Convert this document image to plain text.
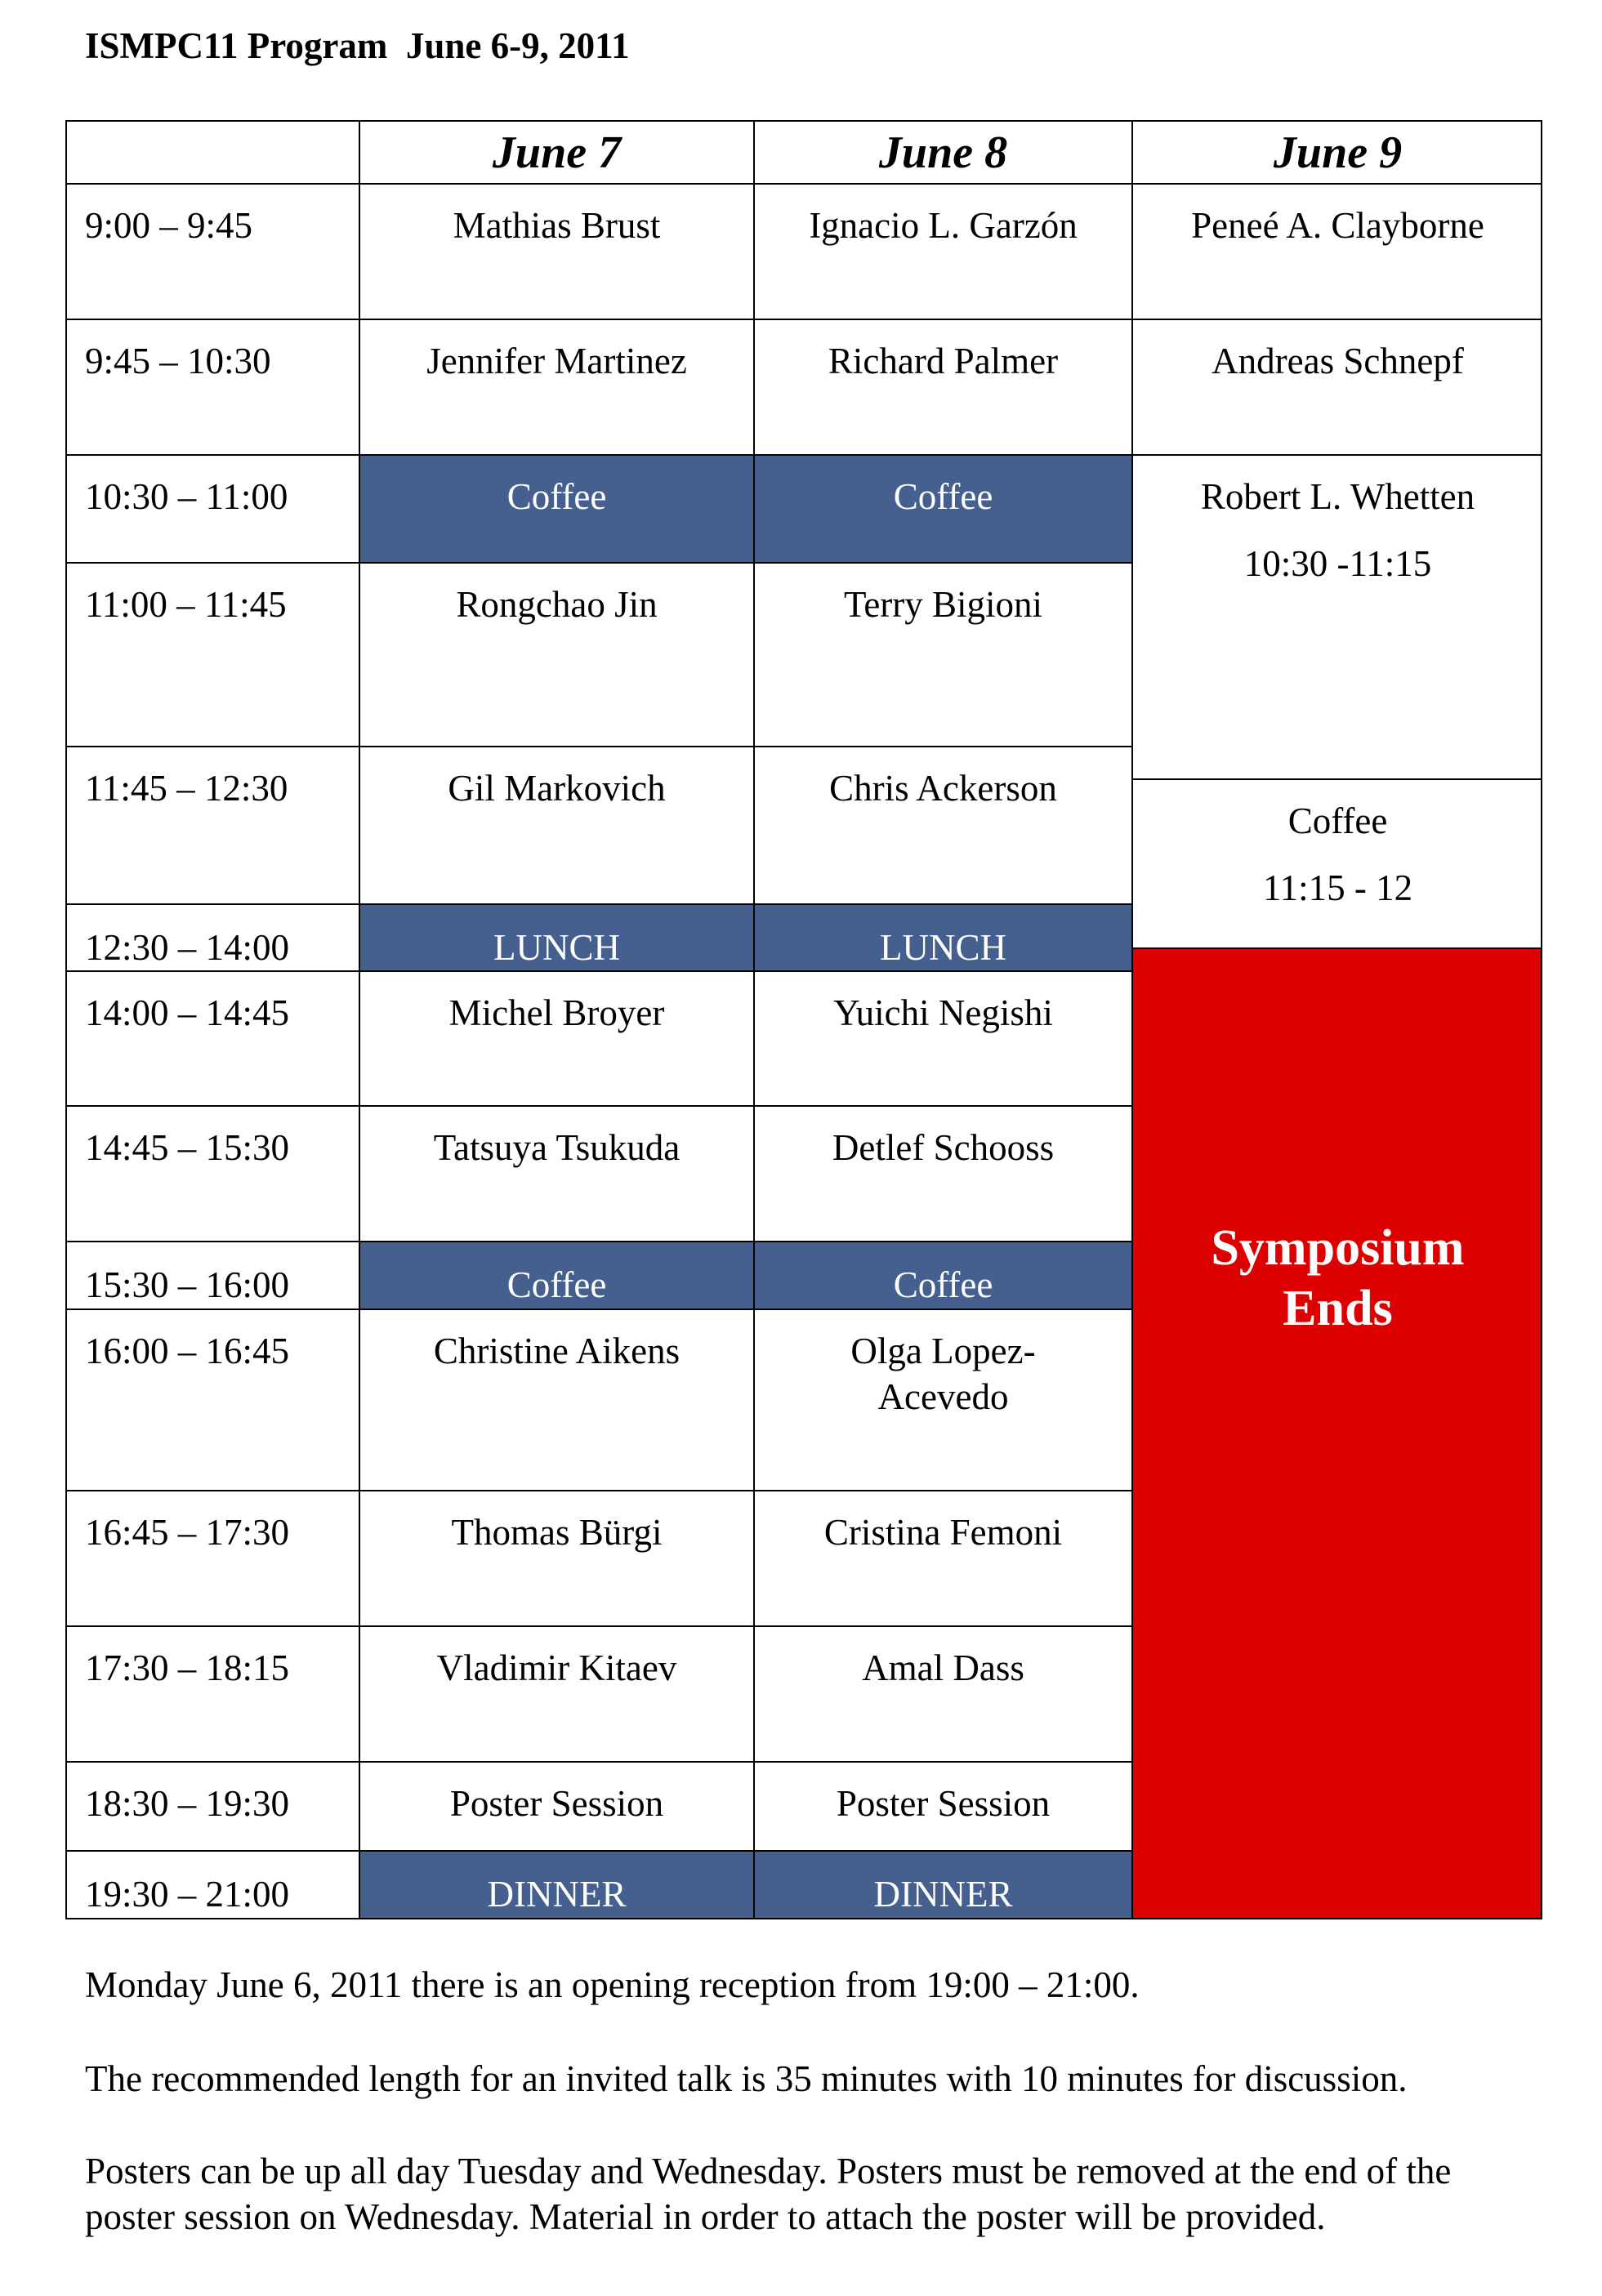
ISMPC11 Program  June 6-9, 2011
Symposium
Ends
Coffee
11:15 - 12
Robert L. Whetten
10:30 -11:15
Andreas Schnepf
Peneé A. Clayborne
DINNER
DINNER
19:30 – 21:00
Poster Session
Poster Session
18:30 – 19:30
Amal Dass
Vladimir Kitaev
17:30 – 18:15
Cristina Femoni
Thomas Bürgi
16:45 – 17:30
Olga Lopez-
Acevedo
Christine Aikens
16:00 – 16:45
Coffee
Coffee
15:30 – 16:00
Detlef Schooss
Tatsuya Tsukuda
14:45 – 15:30
Yuichi Negishi
Michel Broyer
14:00 – 14:45
LUNCH
LUNCH
12:30 – 14:00
Chris Ackerson
Gil Markovich
11:45 – 12:30
Terry Bigioni
Rongchao Jin
11:00 – 11:45
Coffee
Coffee
10:30 – 11:00
Richard Palmer
Jennifer Martinez
9:45 – 10:30
Ignacio L. Garzón
Mathias Brust
9:00 – 9:45
June 9
June 8
June 7
Monday June 6, 2011 there is an opening reception from 19:00 – 21:00.
The recommended length for an invited talk is 35 minutes with 10 minutes for discussion.
Posters can be up all day Tuesday and Wednesday. Posters must be removed at the end of the poster session on Wednesday. Material in order to attach the poster will be provided.
